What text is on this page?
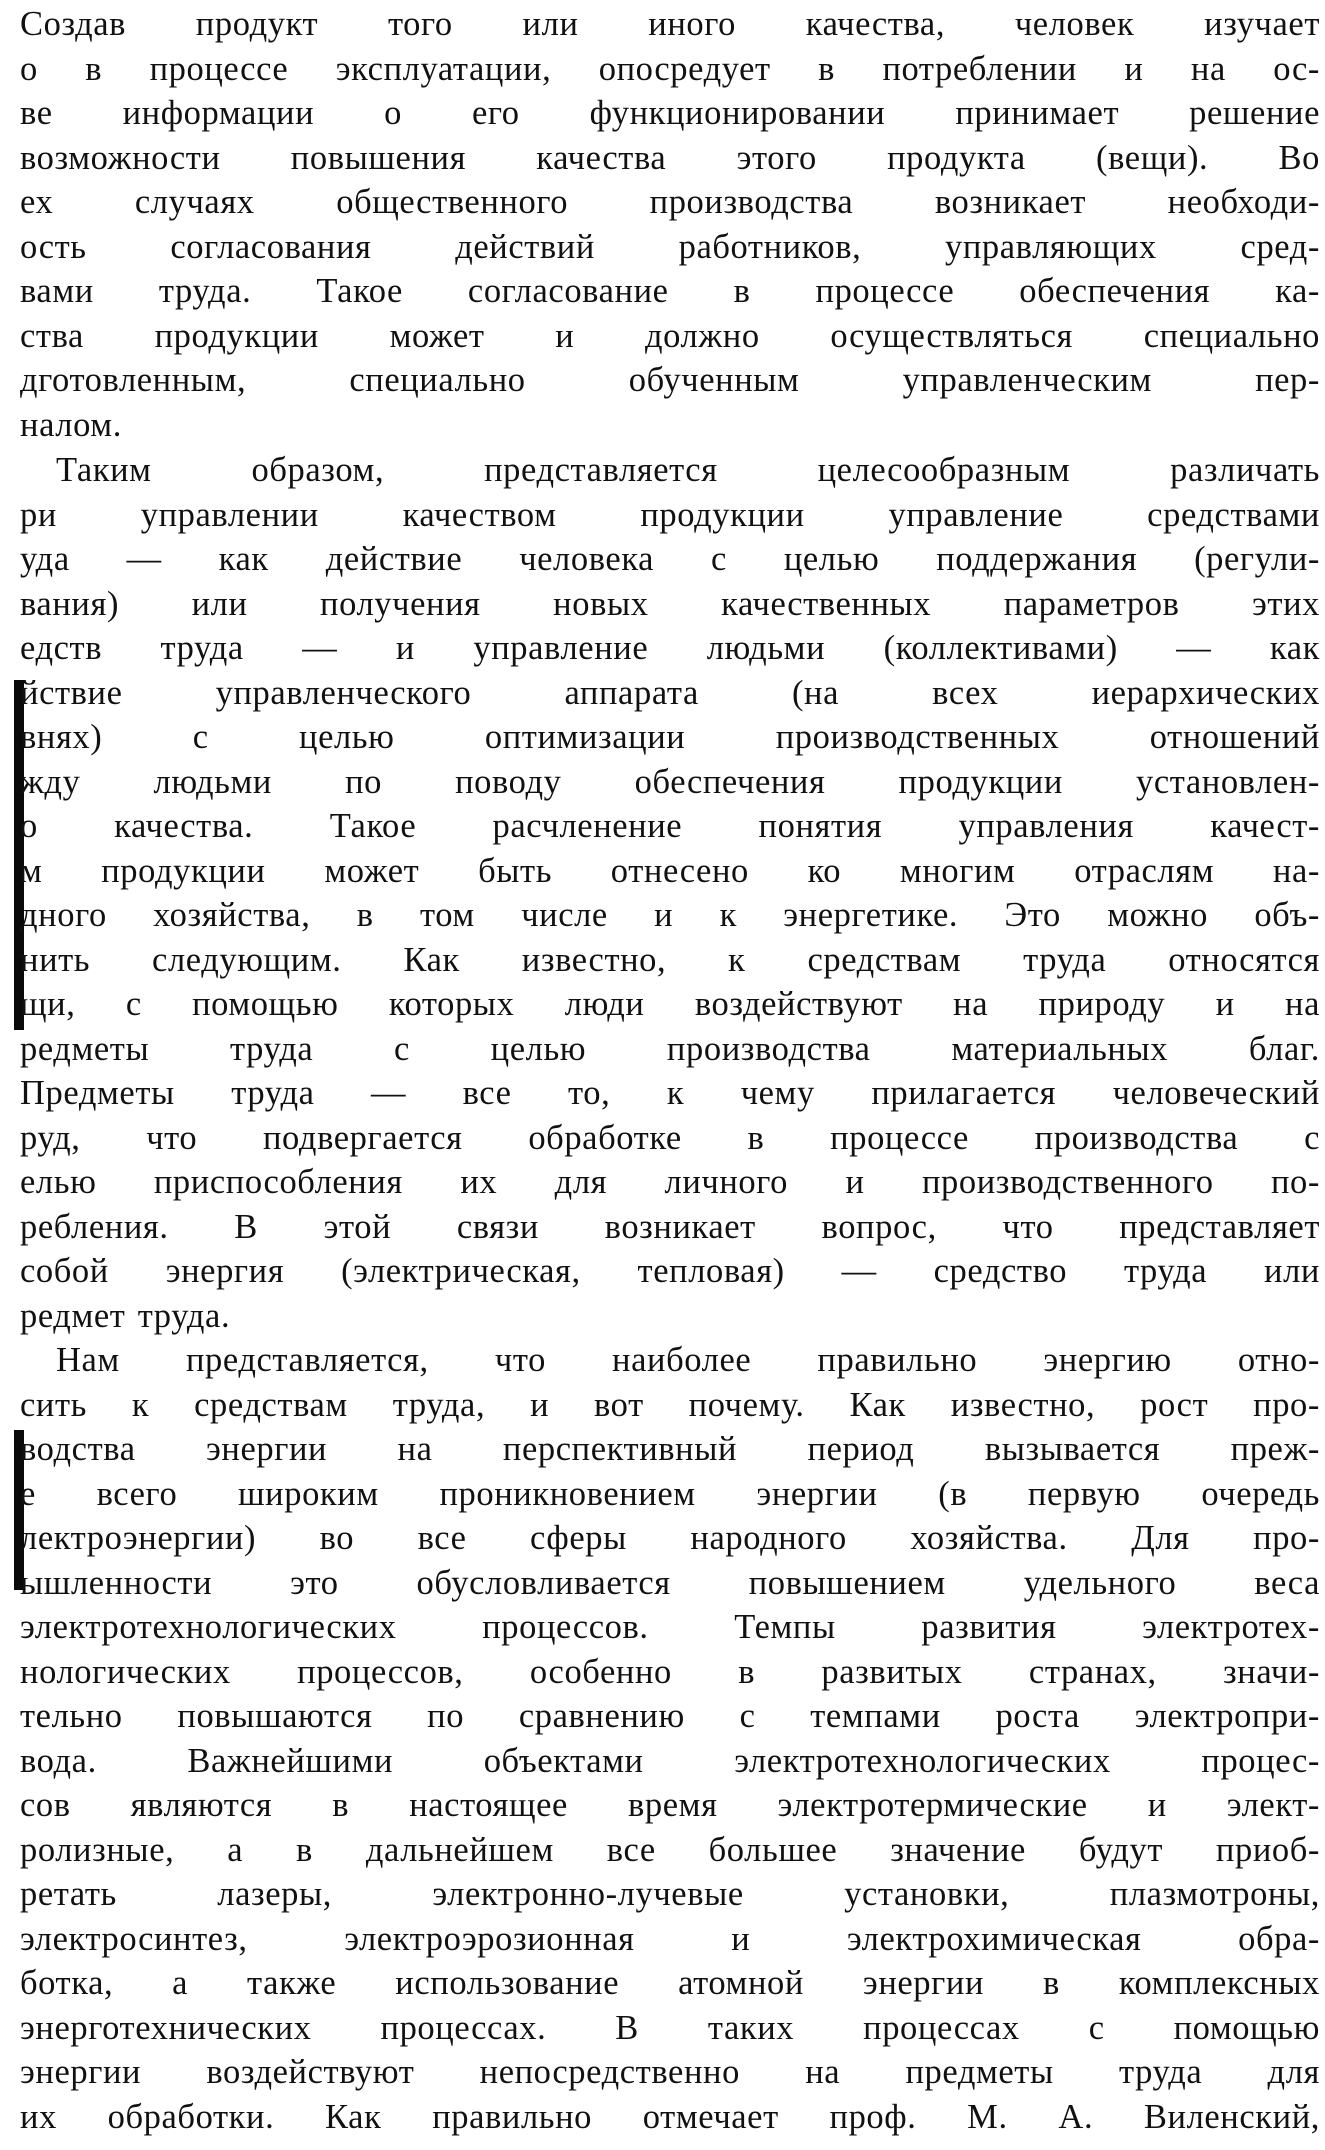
Создав продукт того или иного качества, человек изучает
о в процессе эксплуатации, опосредует в потреблении и на ос-
ве информации о его функционировании принимает решение
возможности повышения качества этого продукта (вещи). Во
ех случаях общественного производства возникает необходи-
ость согласования действий работников, управляющих сред-
вами труда. Такое согласование в процессе обеспечения ка-
ства продукции может и должно осуществляться специально
дготовленным, специально обученным управленческим пер-
налом.
Таким образом, представляется целесообразным различать
ри управлении качеством продукции управление средствами
уда — как действие человека с целью поддержания (регули-
вания) или получения новых качественных параметров этих
едств труда — и управление людьми (коллективами) — как
йствие управленческого аппарата (на всех иерархических
внях) с целью оптимизации производственных отношений
жду людьми по поводу обеспечения продукции установлен-
о качества. Такое расчленение понятия управления качест-
м продукции может быть отнесено ко многим отраслям на-
дного хозяйства, в том числе и к энергетике. Это можно объ-
нить следующим. Как известно, к средствам труда относятся
щи, с помощью которых люди воздействуют на природу и на
редметы труда с целью производства материальных благ.
Предметы труда — все то, к чему прилагается человеческий
руд, что подвергается обработке в процессе производства с
елью приспособления их для личного и производственного по-
ребления. В этой связи возникает вопрос, что представляет
собой энергия (электрическая, тепловая) — средство труда или
редмет труда.
Нам представляется, что наиболее правильно энергию отно-
сить к средствам труда, и вот почему. Как известно, рост про-
водства энергии на перспективный период вызывается преж-
е всего широким проникновением энергии (в первую очередь
лектроэнергии) во все сферы народного хозяйства. Для про-
ышленности это обусловливается повышением удельного веса
электротехнологических процессов. Темпы развития электротех-
нологических процессов, особенно в развитых странах, значи-
тельно повышаются по сравнению с темпами роста электропри-
вода. Важнейшими объектами электротехнологических процес-
сов являются в настоящее время электротермические и элект-
ролизные, а в дальнейшем все большее значение будут приоб-
ретать лазеры, электронно-лучевые установки, плазмотроны,
электросинтез, электроэрозионная и электрохимическая обра-
ботка, а также использование атомной энергии в комплексных
энерготехнических процессах. В таких процессах с помощью
энергии воздействуют непосредственно на предметы труда для
их обработки. Как правильно отмечает проф. М. А. Виленский,
